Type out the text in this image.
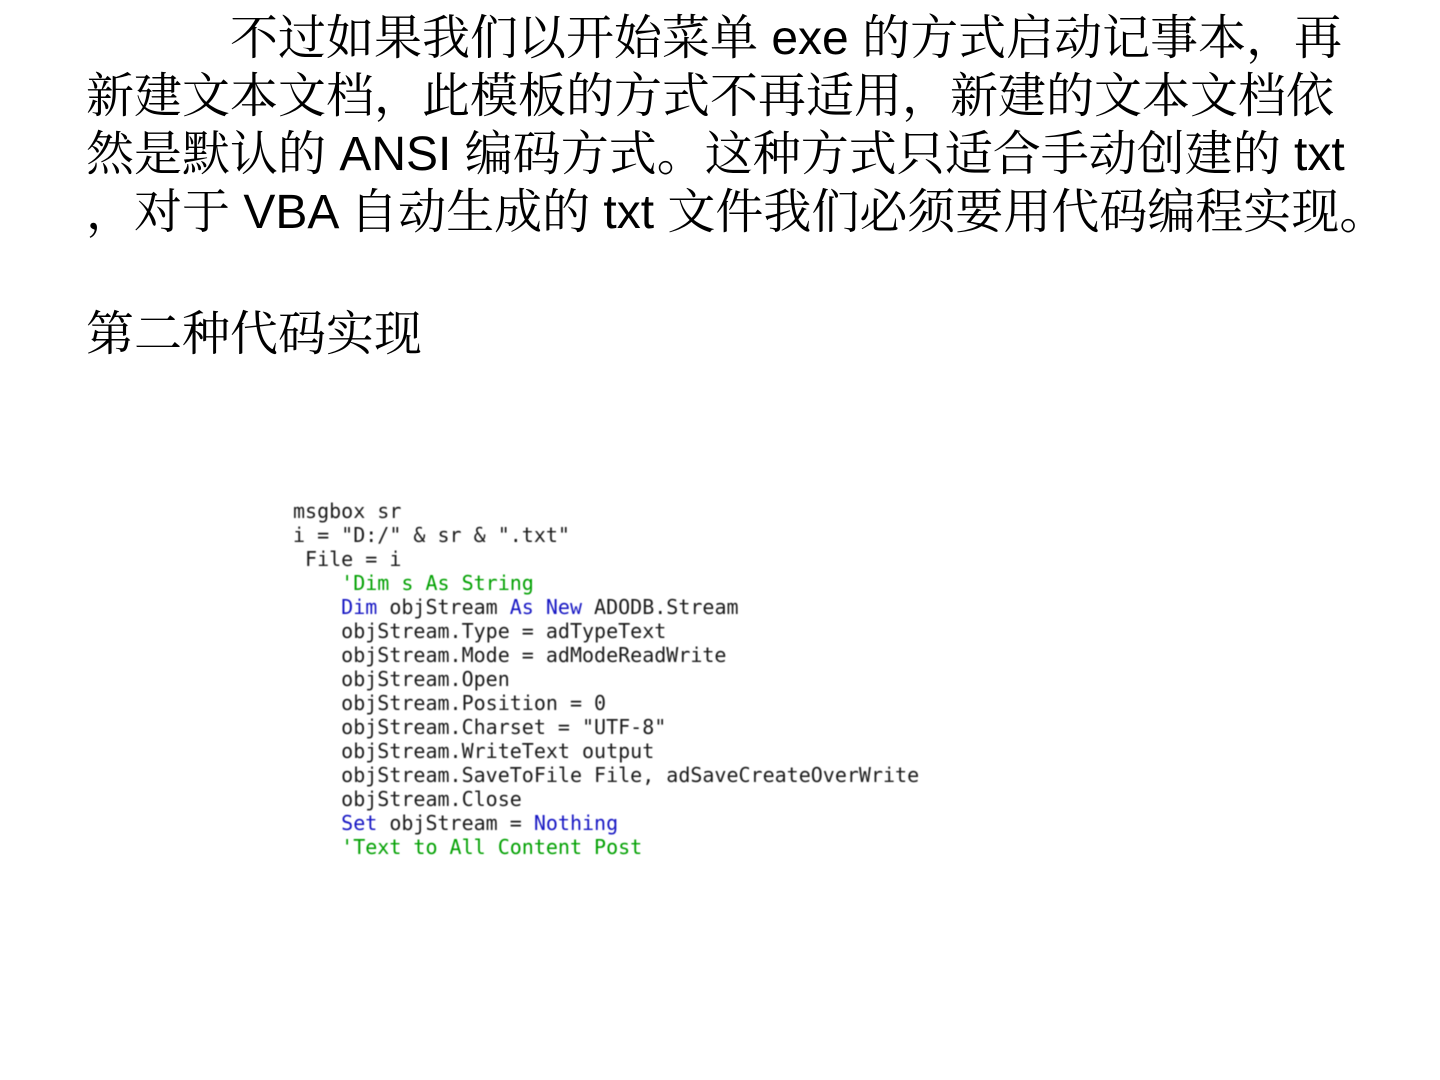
不过如果我们以开始菜单 exe 的方式启动记事本，再
新建文本文档，此模板的方式不再适用，新建的文本文档依
然是默认的 ANSI 编码方式。这种方式只适合手动创建的 txt
，对于 VBA 自动生成的 txt 文件我们必须要用代码编程实现。
第二种代码实现
msgbox sr
i = "D:/" & sr & ".txt"
File = i
'Dim s As String
Dim objStream As New ADODB.Stream
objStream.Type = adTypeText
objStream.Mode = adModeReadWrite
objStream.Open
objStream.Position = 0
objStream.Charset = "UTF-8"
objStream.WriteText output
objStream.SaveToFile File, adSaveCreateOverWrite
objStream.Close
Set objStream = Nothing
'Text to All Content Post
